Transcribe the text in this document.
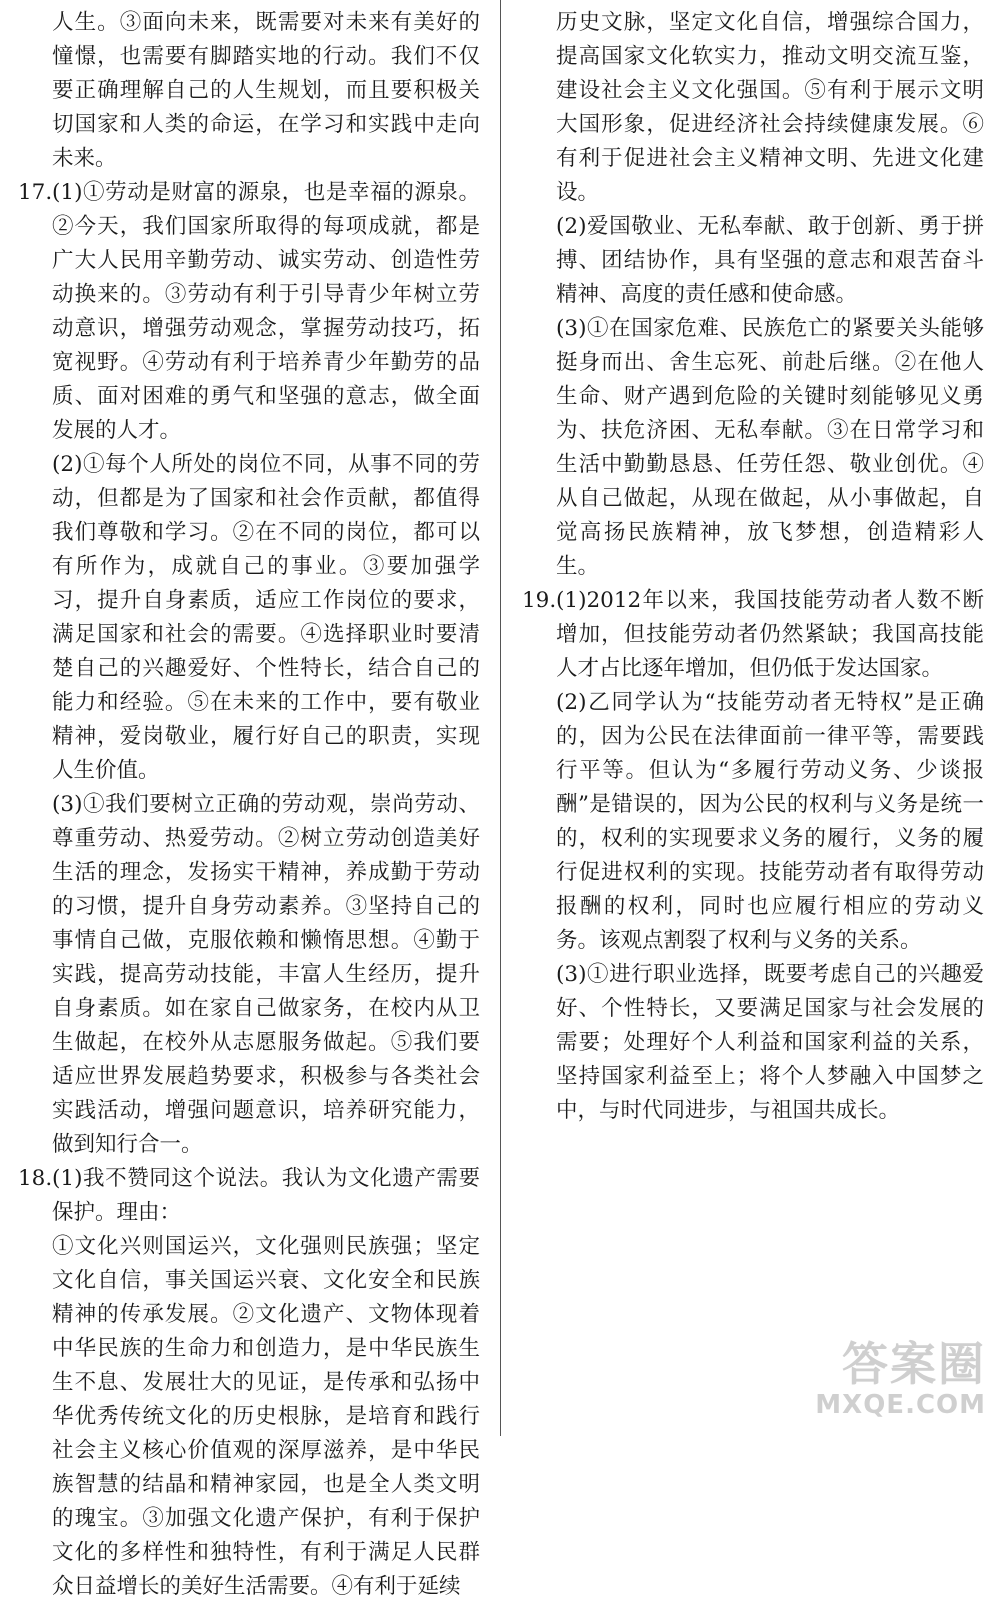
人生。③面向未来，既需要对未来有美好的憧憬，也需要有脚踏实地的行动。我们不仅要正确理解自己的人生规划，而且要积极关切国家和人类的命运，在学习和实践中走向未来。

17. (1)①劳动是财富的源泉，也是幸福的源泉。②今天，我们国家所取得的每项成就，都是广大人民用辛勤劳动、诚实劳动、创造性劳动换来的。③劳动有利于引导青少年树立劳动意识，增强劳动观念，掌握劳动技巧，拓宽视野。④劳动有利于培养青少年勤劳的品质、面对困难的勇气和坚强的意志，做全面发展的人才。

(2)①每个人所处的岗位不同，从事不同的劳动，但都是为了国家和社会作贡献，都值得我们尊敬和学习。②在不同的岗位，都可以有所作为，成就自己的事业。③要加强学习，提升自身素质，适应工作岗位的要求，满足国家和社会的需要。④选择职业时要清楚自己的兴趣爱好、个性特长，结合自己的能力和经验。⑤在未来的工作中，要有敬业精神，爱岗敬业，履行好自己的职责，实现人生价值。

(3)①我们要树立正确的劳动观，崇尚劳动、尊重劳动、热爱劳动。②树立劳动创造美好生活的理念，发扬实干精神，养成勤于劳动的习惯，提升自身劳动素养。③坚持自己的事情自己做，克服依赖和懒惰思想。④勤于实践，提高劳动技能，丰富人生经历，提升自身素质。如在家自己做家务，在校内从卫生做起，在校外从志愿服务做起。⑤我们要适应世界发展趋势要求，积极参与各类社会实践活动，增强问题意识，培养研究能力，做到知行合一。

18. (1)我不赞同这个说法。我认为文化遗产需要保护。理由：

①文化兴则国运兴，文化强则民族强；坚定文化自信，事关国运兴衰、文化安全和民族精神的传承发展。②文化遗产、文物体现着中华民族的生命力和创造力，是中华民族生生不息、发展壮大的见证，是传承和弘扬中华优秀传统文化的历史根脉，是培育和践行社会主义核心价值观的深厚滋养，是中华民族智慧的结晶和精神家园，也是全人类文明的瑰宝。③加强文化遗产保护，有利于保护文化的多样性和独特性，有利于满足人民群众日益增长的美好生活需要。④有利于延续

历史文脉，坚定文化自信，增强综合国力，提高国家文化软实力，推动文明交流互鉴，建设社会主义文化强国。⑤有利于展示文明大国形象，促进经济社会持续健康发展。⑥有利于促进社会主义精神文明、先进文化建设。

(2)爱国敬业、无私奉献、敢于创新、勇于拼搏、团结协作，具有坚强的意志和艰苦奋斗精神、高度的责任感和使命感。

(3)①在国家危难、民族危亡的紧要关头能够挺身而出、舍生忘死、前赴后继。②在他人生命、财产遇到危险的关键时刻能够见义勇为、扶危济困、无私奉献。③在日常学习和生活中勤勤恳恳、任劳任怨、敬业创优。④从自己做起，从现在做起，从小事做起，自觉高扬民族精神，放飞梦想，创造精彩人生。

19. (1)2012年以来，我国技能劳动者人数不断增加，但技能劳动者仍然紧缺；我国高技能人才占比逐年增加，但仍低于发达国家。

(2)乙同学认为“技能劳动者无特权”是正确的，因为公民在法律面前一律平等，需要践行平等。但认为“多履行劳动义务、少谈报酬”是错误的，因为公民的权利与义务是统一的，权利的实现要求义务的履行，义务的履行促进权利的实现。技能劳动者有取得劳动报酬的权利，同时也应履行相应的劳动义务。该观点割裂了权利与义务的关系。

(3)①进行职业选择，既要考虑自己的兴趣爱好、个性特长，又要满足国家与社会发展的需要；处理好个人利益和国家利益的关系，坚持国家利益至上；将个人梦融入中国梦之中，与时代同进步，与祖国共成长。

答案圈
MXQE.COM
